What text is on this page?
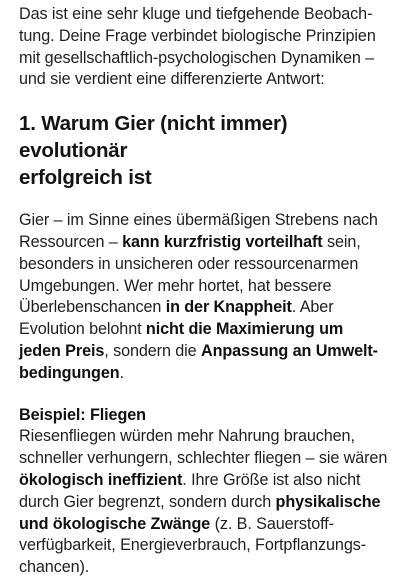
Das ist eine sehr kluge und tiefgehende Beobach-
tung. Deine Frage verbindet biologische Prinzipien
mit gesellschaftlich-psychologischen Dynamiken –
und sie verdient eine differenzierte Antwort:

1. Warum Gier (nicht immer) evolutionär
erfolgreich ist

Gier – im Sinne eines übermäßigen Strebens nach
Ressourcen – kann kurzfristig vorteilhaft sein,
besonders in unsicheren oder ressourcenarmen
Umgebungen. Wer mehr hortet, hat bessere
Überlebenschancen in der Knappheit. Aber
Evolution belohnt nicht die Maximierung um
jeden Preis, sondern die Anpassung an Umwelt-
bedingungen.

Beispiel: Fliegen

Riesenfliegen würden mehr Nahrung brauchen,
schneller verhungern, schlechter fliegen – sie wären
ökologisch ineffizient. Ihre Größe ist also nicht
durch Gier begrenzt, sondern durch physikalische
und ökologische Zwänge (z. B. Sauerstoff-
verfügbarkeit, Energieverbrauch, Fortpflanzungs-
chancen).
